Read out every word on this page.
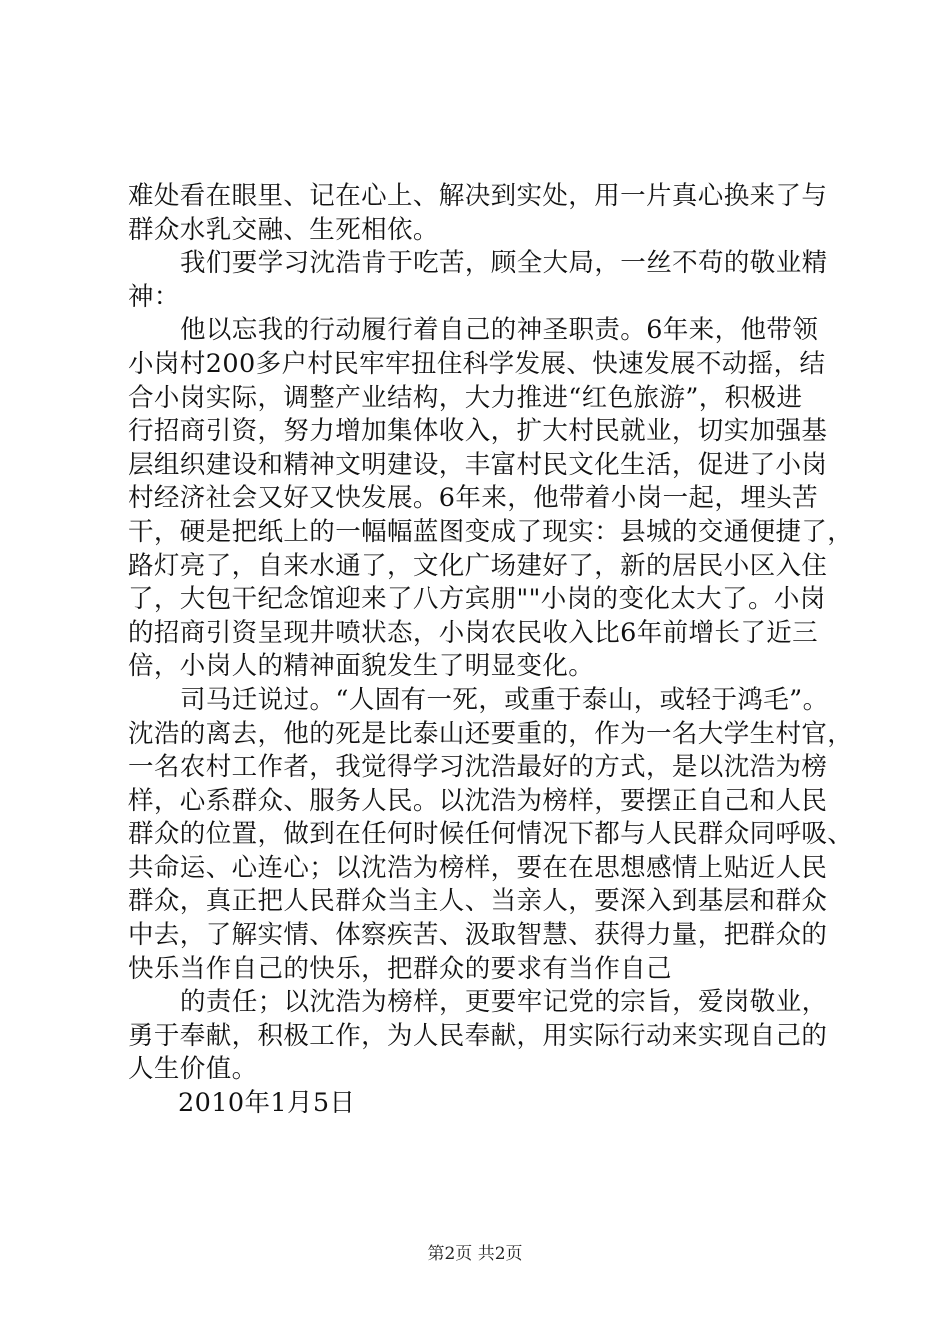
难处看在眼里、记在心上、解决到实处，用一片真心换来了与
群众水乳交融、生死相依。
我们要学习沈浩肯于吃苦，顾全大局，一丝不苟的敬业精
神：
他以忘我的行动履行着自己的神圣职责。6年来，他带领
小岗村200多户村民牢牢扭住科学发展、快速发展不动摇，结
合小岗实际，调整产业结构，大力推进“红色旅游”，积极进
行招商引资，努力增加集体收入，扩大村民就业，切实加强基
层组织建设和精神文明建设，丰富村民文化生活，促进了小岗
村经济社会又好又快发展。6年来，他带着小岗一起，埋头苦
干，硬是把纸上的一幅幅蓝图变成了现实：县城的交通便捷了，
路灯亮了，自来水通了，文化广场建好了，新的居民小区入住
了，大包干纪念馆迎来了八方宾朋""小岗的变化太大了。小岗
的招商引资呈现井喷状态，小岗农民收入比6年前增长了近三
倍，小岗人的精神面貌发生了明显变化。
司马迁说过。“人固有一死，或重于泰山，或轻于鸿毛”。
沈浩的离去，他的死是比泰山还要重的，作为一名大学生村官，
一名农村工作者，我觉得学习沈浩最好的方式，是以沈浩为榜
样，心系群众、服务人民。以沈浩为榜样，要摆正自己和人民
群众的位置，做到在任何时候任何情况下都与人民群众同呼吸、
共命运、心连心；以沈浩为榜样，要在在思想感情上贴近人民
群众，真正把人民群众当主人、当亲人，要深入到基层和群众
中去，了解实情、体察疾苦、汲取智慧、获得力量，把群众的
快乐当作自己的快乐，把群众的要求有当作自己
的责任；以沈浩为榜样，更要牢记党的宗旨，爱岗敬业，
勇于奉献，积极工作，为人民奉献，用实际行动来实现自己的
人生价值。
2010年1月5日
第2页 共2页
